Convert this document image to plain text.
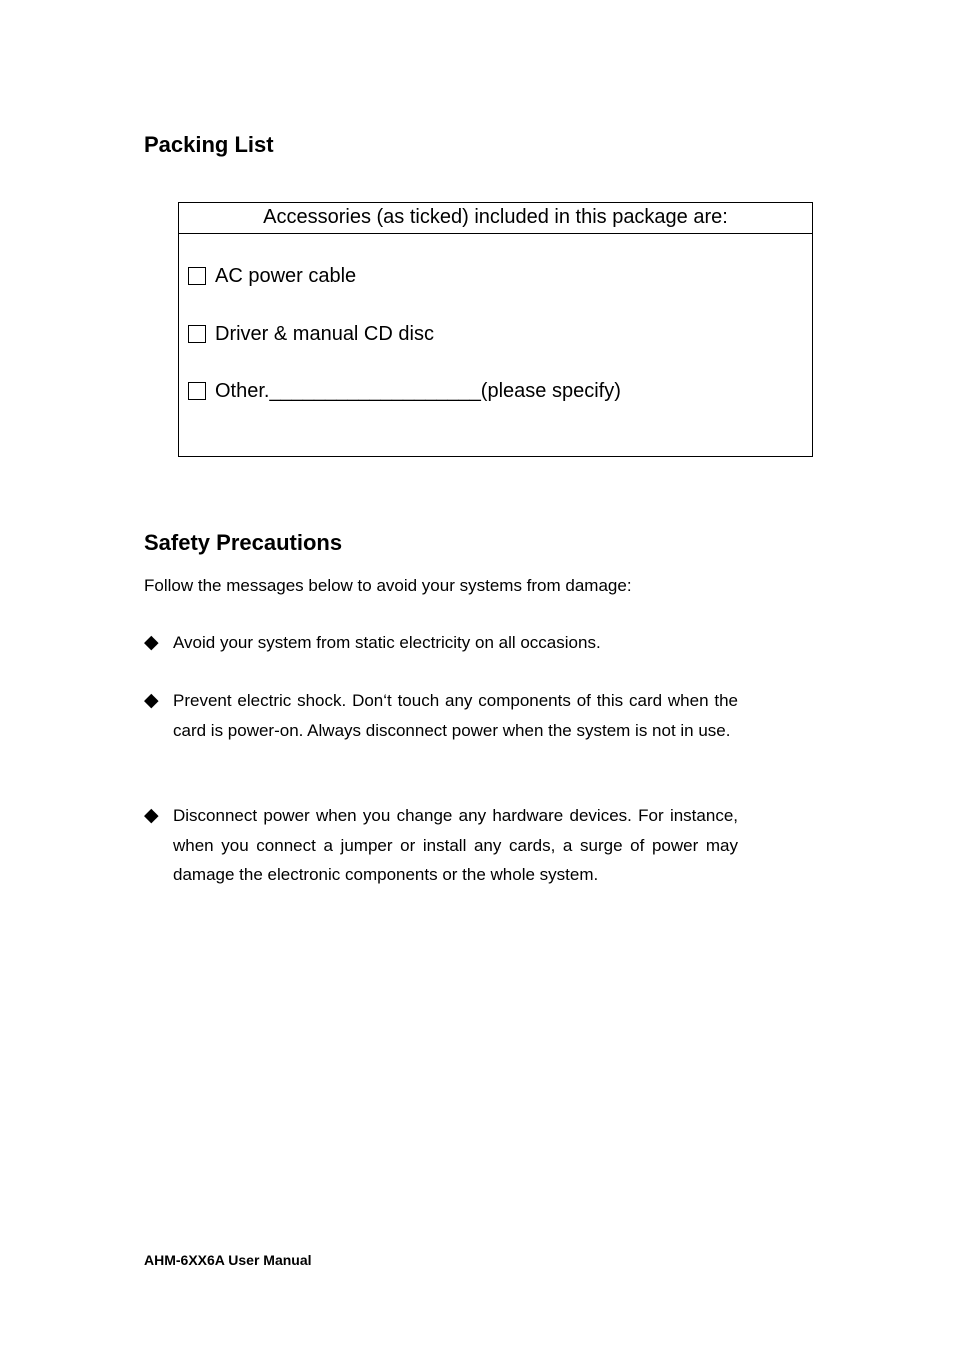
Packing List
Accessories (as ticked) included in this package are:
AC power cable
Driver & manual CD disc
Other.___________________(please specify)
Safety Precautions

Follow the messages below to avoid your systems from damage:

◆ Avoid your system from static electricity on all occasions.
◆ Prevent electric shock. Don‘t touch any components of this card when the card is power-on. Always disconnect power when the system is not in use.
◆ Disconnect power when you change any hardware devices. For instance, when you connect a jumper or install any cards, a surge of power may damage the electronic components or the whole system.
AHM-6XX6A User Manual
